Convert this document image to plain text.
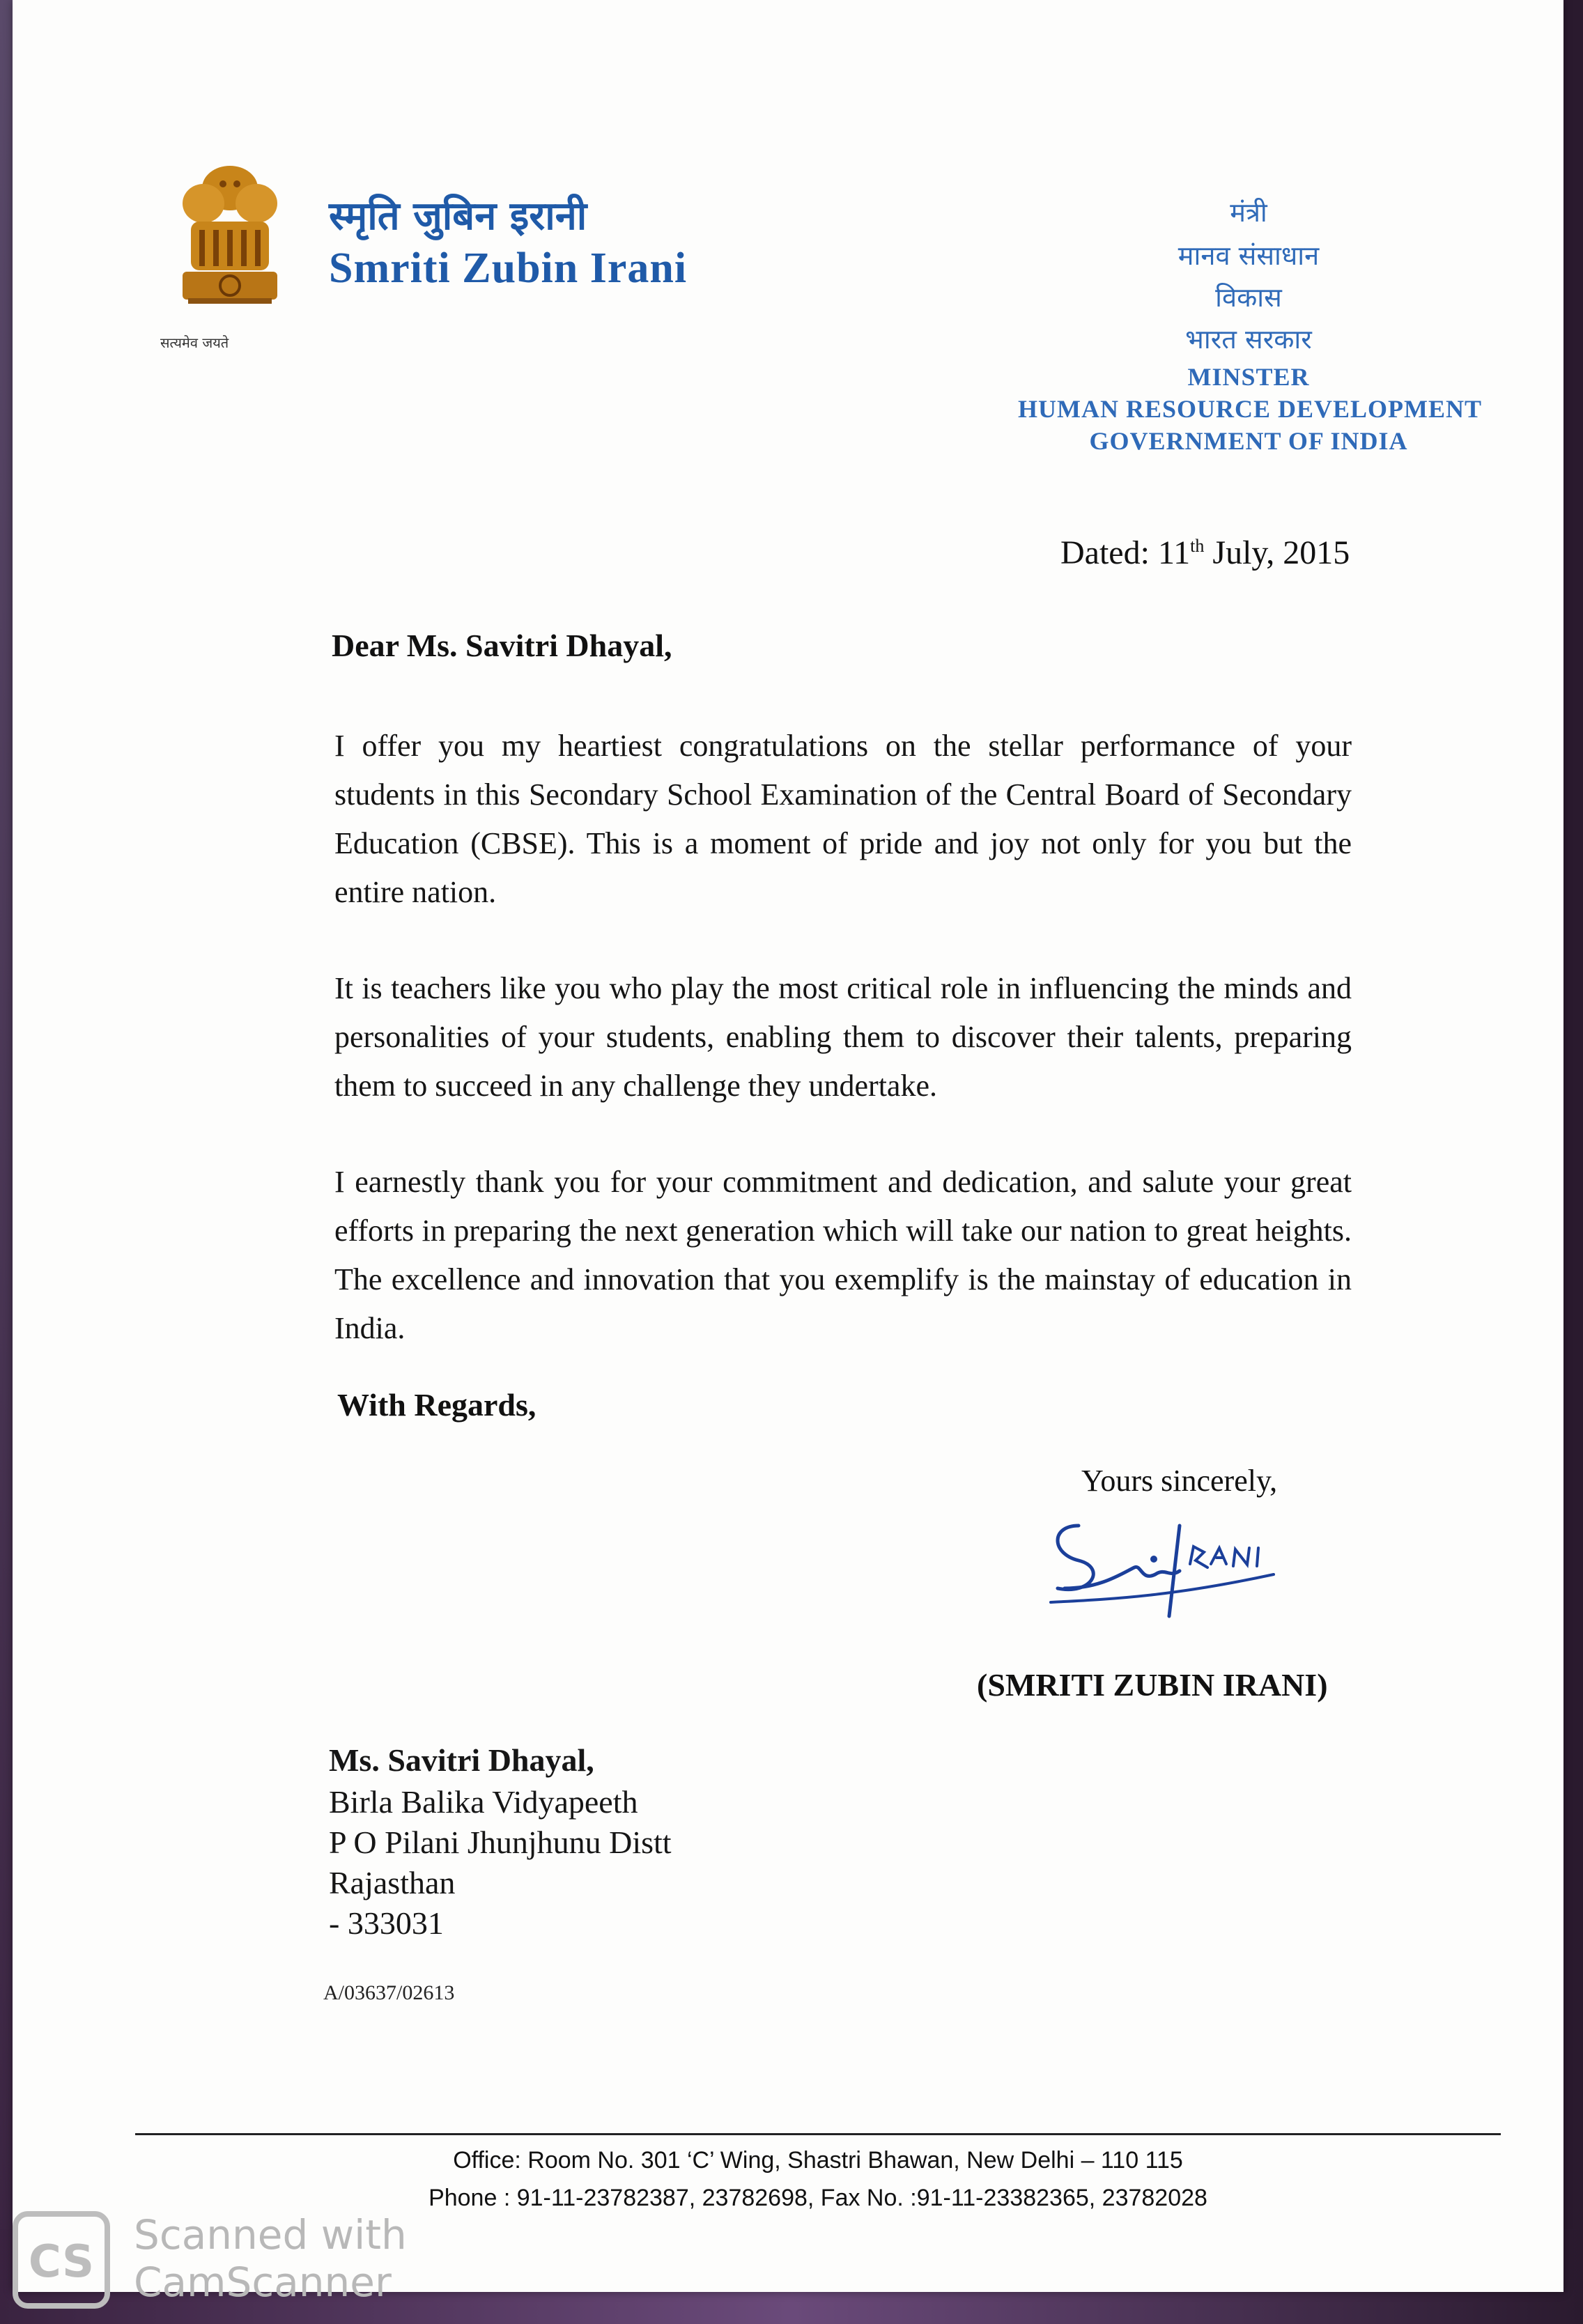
सत्यमेव जयते
स्मृति जुबिन इरानी
Smriti Zubin Irani
मंत्री
मानव संसाधान
विकास
भारत सरकार
MINSTER
HUMAN RESOURCE DEVELOPMENT
GOVERNMENT OF INDIA
Dated: 11th July, 2015
Dear Ms. Savitri Dhayal,
I offer you my heartiest congratulations on the stellar performance of your students in this Secondary School Examination of the Central Board of Secondary Education (CBSE). This is a moment of pride and joy not only for you but the entire nation.
It is teachers like you who play the most critical role in influencing the minds and personalities of your students, enabling them to discover their talents, preparing them to succeed in any challenge they undertake.
I earnestly thank you for your commitment and dedication, and salute your great efforts in preparing the next generation which will take our nation to great heights. The excellence and innovation that you exemplify is the mainstay of education in India.
With Regards,
Yours sincerely,
(SMRITI ZUBIN IRANI)
Ms. Savitri Dhayal,
Birla Balika Vidyapeeth
P O Pilani Jhunjhunu Distt
Rajasthan
- 333031
A/03637/02613
Office: Room No. 301 ‘C’ Wing, Shastri Bhawan, New Delhi – 110 115
Phone : 91-11-23782387, 23782698, Fax No. :91-11-23382365, 23782028
CS
Scanned with
CamScanner
